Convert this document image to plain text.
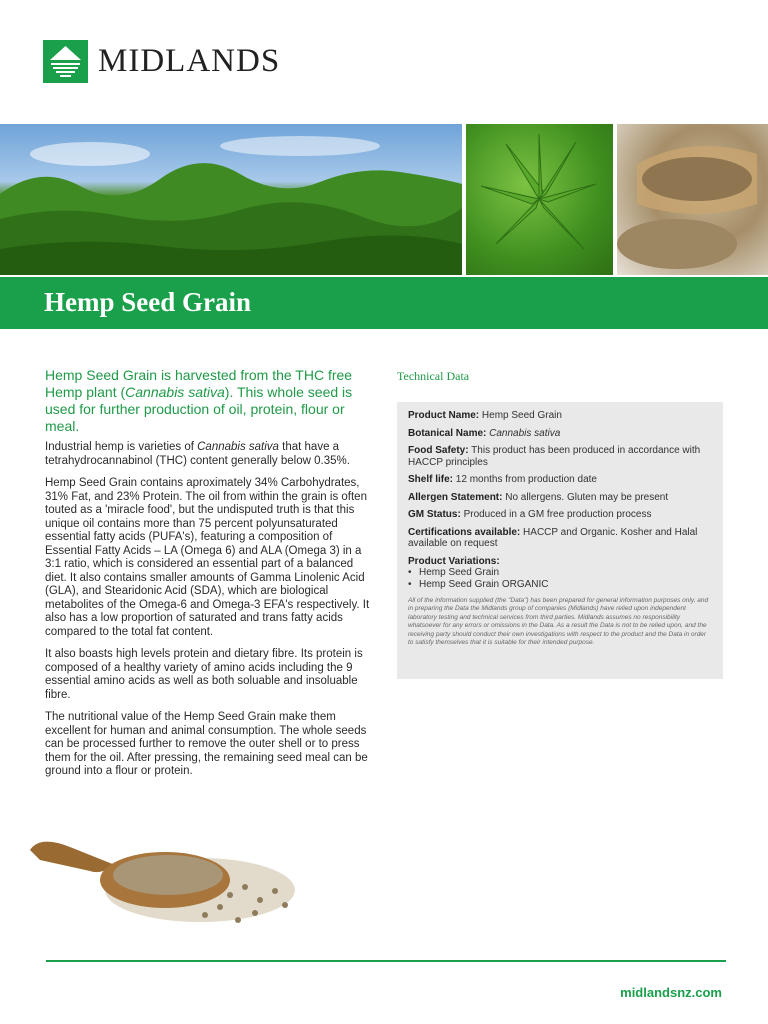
MIDLANDS
Hemp Seed Grain

Hemp Seed Grain is harvested from the THC free Hemp plant (Cannabis sativa). This whole seed is used for further production of oil, protein, flour or meal.

Industrial hemp is varieties of Cannabis sativa that have a tetrahydrocannabinol (THC) content generally below 0.35%.

Hemp Seed Grain contains aproximately 34% Carbohydrates, 31% Fat, and 23% Protein. The oil from within the grain is often touted as a 'miracle food', but the undisputed truth is that this unique oil contains more than 75 percent polyunsaturated essential fatty acids (PUFA's), featuring a composition of Essential Fatty Acids – LA (Omega 6) and ALA (Omega 3) in a 3:1 ratio, which is considered an essential part of a balanced diet. It also contains smaller amounts of Gamma Linolenic Acid (GLA), and Stearidonic Acid (SDA), which are biological metabolites of the Omega-6 and Omega-3 EFA's respectively. It also has a low proportion of saturated and trans fatty acids compared to the total fat content.

It also boasts high levels protein and dietary fibre. Its protein is composed of a healthy variety of amino acids including the 9 essential amino acids as well as both soluable and insoluable fibre.

The nutritional value of the Hemp Seed Grain make them excellent for human and animal consumption. The whole seeds can be processed further to remove the outer shell or to press them for the oil. After pressing, the remaining seed meal can be ground into a flour or protein.

Technical Data

Product Name: Hemp Seed Grain

Botanical Name: Cannabis sativa

Food Safety: This product has been produced in accordance with HACCP principles

Shelf life: 12 months from production date

Allergen Statement: No allergens. Gluten may be present

GM Status: Produced in a GM free production process

Certifications available: HACCP and Organic. Kosher and Halal available on request

Product Variations:

• Hemp Seed Grain
• Hemp Seed Grain ORGANIC

All of the information supplied (the "Data") has been prepared for general information purposes only, and in preparing the Data the Midlands group of companies (Midlands) have relied upon independent laboratory testing and technical services from third parties. Midlands assumes no responsibility whatsoever for any errors or omissions in the Data. As a result the Data is not to be relied upon, and the receiving party should conduct their own investigations with respect to the product and the Data in order to satisfy themselves that it is suitable for their intended purpose.

midlandsnz.com
